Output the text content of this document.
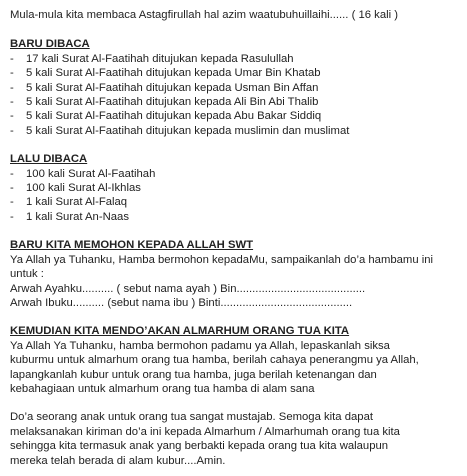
Mula-mula kita membaca Astagfirullah hal azim waatubuhuillaihi...... ( 16 kali )
BARU DIBACA
- 17 kali Surat Al-Faatihah ditujukan kepada Rasulullah
- 5 kali Surat Al-Faatihah ditujukan kepada Umar Bin Khatab
- 5 kali Surat Al-Faatihah ditujukan kepada Usman Bin Affan
- 5 kali Surat Al-Faatihah ditujukan kepada Ali Bin Abi Thalib
- 5 kali Surat Al-Faatihah ditujukan kepada Abu Bakar Siddiq
- 5 kali Surat Al-Faatihah ditujukan kepada muslimin dan muslimat
LALU DIBACA
- 100 kali Surat Al-Faatihah
- 100 kali Surat Al-Ikhlas
- 1 kali Surat Al-Falaq
- 1 kali Surat An-Naas
BARU KITA MEMOHON KEPADA ALLAH SWT
Ya Allah ya Tuhanku, Hamba bermohon kepadaMu, sampaikanlah do’a hambamu ini
untuk :
Arwah Ayahku.......... ( sebut nama ayah ) Bin.........................................
Arwah Ibuku.......... (sebut nama ibu ) Binti..........................................
KEMUDIAN KITA MENDO’AKAN ALMARHUM ORANG TUA KITA
Ya Allah Ya Tuhanku, hamba bermohon padamu ya Allah, lepaskanlah siksa
kuburmu untuk almarhum orang tua hamba, berilah cahaya penerangmu ya Allah,
lapangkanlah kubur untuk orang tua hamba, juga berilah ketenangan dan
kebahagiaan untuk almarhum orang tua hamba di alam sana
Do’a seorang anak untuk orang tua sangat mustajab. Semoga kita dapat
melaksanakan kiriman do’a ini kepada Almarhum / Almarhumah orang tua kita
sehingga kita termasuk anak yang berbakti kepada orang tua kita walaupun
mereka telah berada di alam kubur....Amin.
